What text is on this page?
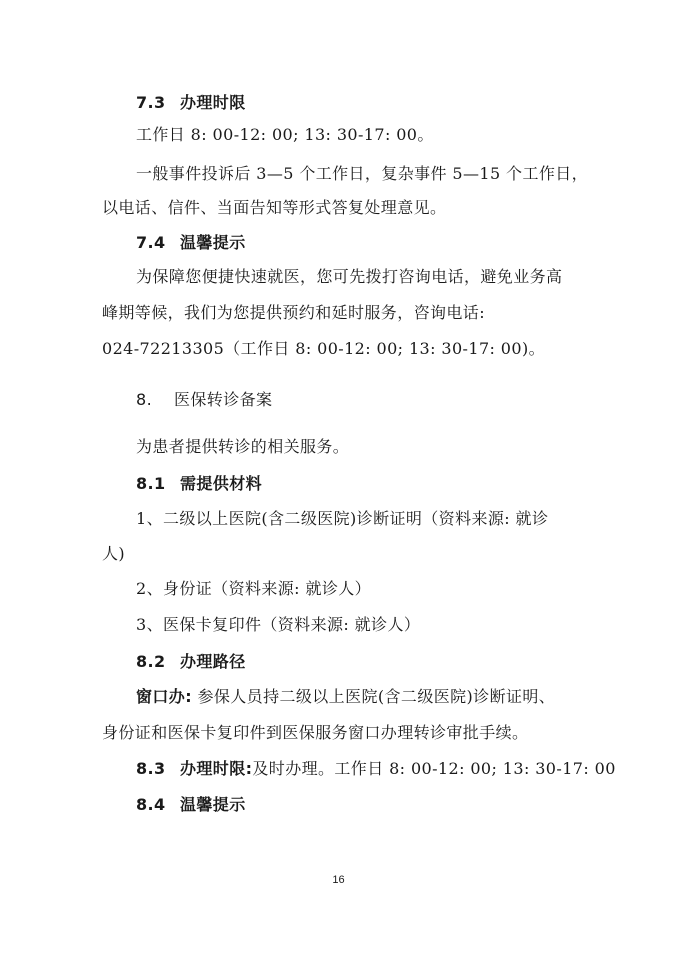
7.3 办理时限
工作日 8: 00-12: 00; 13: 30-17: 00。
一般事件投诉后 3—5 个工作日，复杂事件 5—15 个工作日，
以电话、信件、当面告知等形式答复处理意见。
7.4 温馨提示
为保障您便捷快速就医，您可先拨打咨询电话，避免业务高
峰期等候，我们为您提供预约和延时服务，咨询电话:
024-72213305（工作日 8: 00-12: 00; 13: 30-17: 00)。
8. 医保转诊备案
为患者提供转诊的相关服务。
8.1 需提供材料
1、二级以上医院(含二级医院)诊断证明（资料来源: 就诊
人)
2、身份证（资料来源: 就诊人）
3、医保卡复印件（资料来源: 就诊人）
8.2 办理路径
窗口办: 参保人员持二级以上医院(含二级医院)诊断证明、
身份证和医保卡复印件到医保服务窗口办理转诊审批手续。
8.3 办理时限:及时办理。工作日 8: 00-12: 00; 13: 30-17: 00
8.4 温馨提示
16
